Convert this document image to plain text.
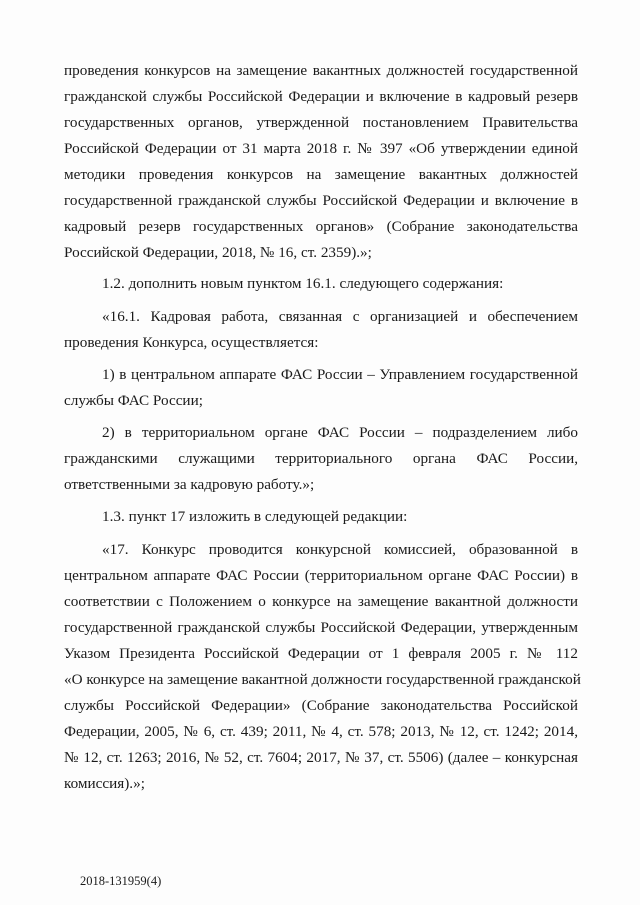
проведения конкурсов на замещение вакантных должностей государственной
гражданской службы Российской Федерации и включение в кадровый резерв
государственных органов, утвержденной постановлением Правительства
Российской Федерации от 31 марта 2018 г. № 397 «Об утверждении единой
методики проведения конкурсов на замещение вакантных должностей
государственной гражданской службы Российской Федерации и включение в
кадровый резерв государственных органов» (Собрание законодательства
Российской Федерации, 2018, № 16, ст. 2359).»;
1.2. дополнить новым пунктом 16.1. следующего содержания:
«16.1. Кадровая работа, связанная с организацией и обеспечением
проведения Конкурса, осуществляется:
1) в центральном аппарате ФАС России – Управлением государственной
службы ФАС России;
2) в территориальном органе ФАС России – подразделением либо
гражданскими служащими территориального органа ФАС России,
ответственными за кадровую работу.»;
1.3. пункт 17 изложить в следующей редакции:
«17. Конкурс проводится конкурсной комиссией, образованной в
центральном аппарате ФАС России (территориальном органе ФАС России) в
соответствии с Положением о конкурсе на замещение вакантной должности
государственной гражданской службы Российской Федерации, утвержденным
Указом Президента Российской Федерации от 1 февраля 2005 г. № 112
«О конкурсе на замещение вакантной должности государственной гражданской
службы Российской Федерации» (Собрание законодательства Российской
Федерации, 2005, № 6, ст. 439; 2011, № 4, ст. 578; 2013, № 12, ст. 1242; 2014,
№ 12, ст. 1263; 2016, № 52, ст. 7604; 2017, № 37, ст. 5506) (далее – конкурсная
комиссия).»;
2018-131959(4)
